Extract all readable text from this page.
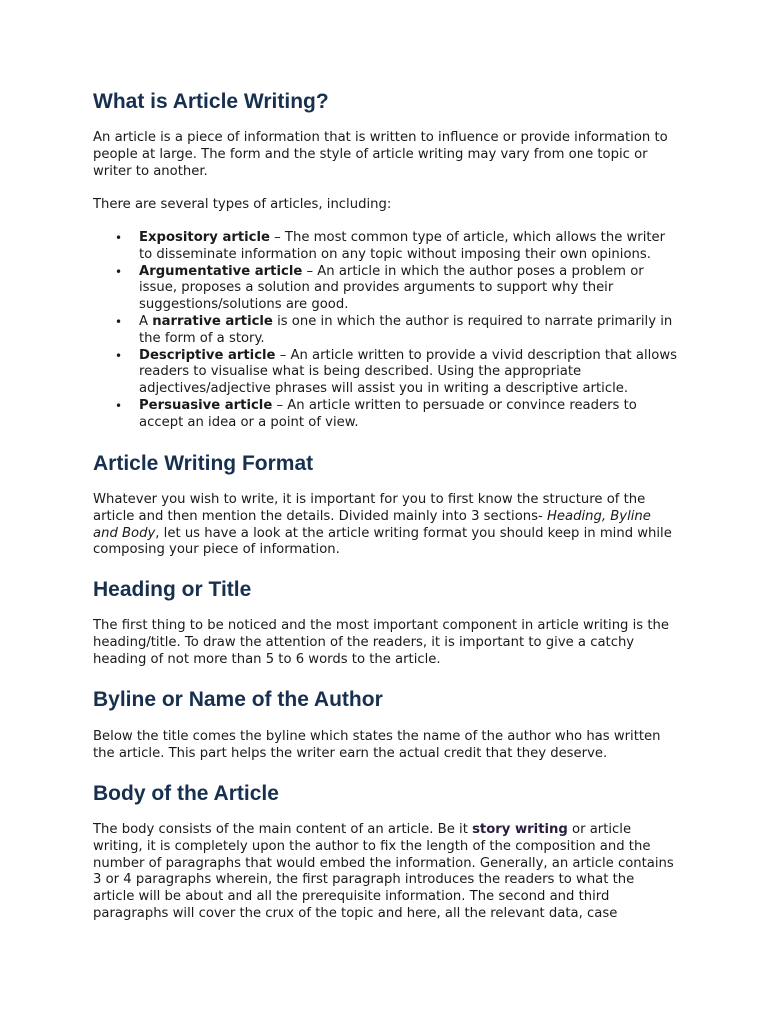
What is Article Writing?

An article is a piece of information that is written to influence or provide information to people at large. The form and the style of article writing may vary from one topic or writer to another.

There are several types of articles, including:

• Expository article – The most common type of article, which allows the writer to disseminate information on any topic without imposing their own opinions.
• Argumentative article – An article in which the author poses a problem or issue, proposes a solution and provides arguments to support why their suggestions/solutions are good.
• A narrative article is one in which the author is required to narrate primarily in the form of a story.
• Descriptive article – An article written to provide a vivid description that allows readers to visualise what is being described. Using the appropriate adjectives/adjective phrases will assist you in writing a descriptive article.
• Persuasive article – An article written to persuade or convince readers to accept an idea or a point of view.
Article Writing Format

Whatever you wish to write, it is important for you to first know the structure of the article and then mention the details. Divided mainly into 3 sections- Heading, Byline and Body, let us have a look at the article writing format you should keep in mind while composing your piece of information.

Heading or Title

The first thing to be noticed and the most important component in article writing is the heading/title. To draw the attention of the readers, it is important to give a catchy heading of not more than 5 to 6 words to the article.

Byline or Name of the Author

Below the title comes the byline which states the name of the author who has written the article. This part helps the writer earn the actual credit that they deserve.

Body of the Article

The body consists of the main content of an article. Be it story writing or article writing, it is completely upon the author to fix the length of the composition and the number of paragraphs that would embed the information. Generally, an article contains 3 or 4 paragraphs wherein, the first paragraph introduces the readers to what the article will be about and all the prerequisite information. The second and third paragraphs will cover the crux of the topic and here, all the relevant data, case
